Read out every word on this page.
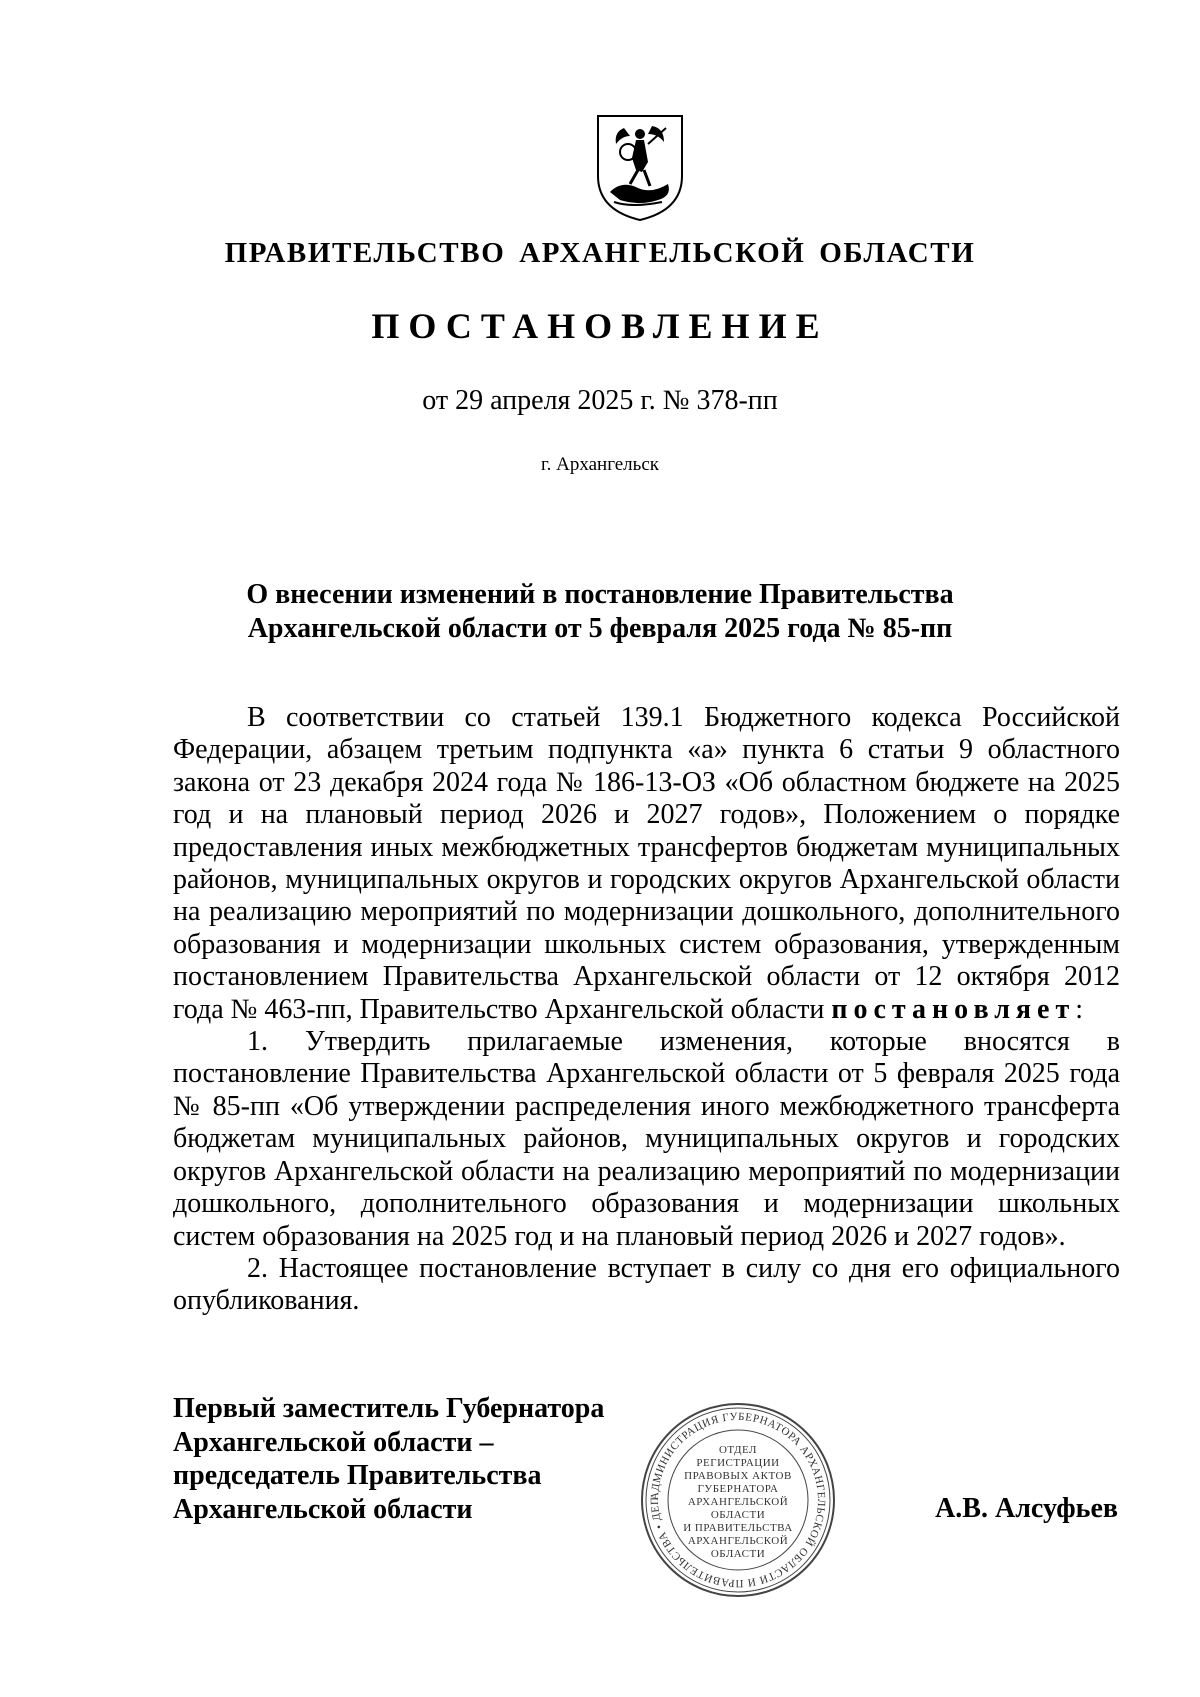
ПРАВИТЕЛЬСТВО АРХАНГЕЛЬСКОЙ ОБЛАСТИ
ПОСТАНОВЛЕНИЕ
от 29 апреля 2025 г. № 378-пп
г. Архангельск
О внесении изменений в постановление Правительства
Архангельской области от 5 февраля 2025 года № 85-пп

В соответствии со статьей 139.1 Бюджетного кодекса Российской Федерации, абзацем третьим подпункта «а» пункта 6 статьи 9 областного закона от 23 декабря 2024 года № 186-13-ОЗ «Об областном бюджете на 2025 год и на плановый период 2026 и 2027 годов», Положением о порядке предоставления иных межбюджетных трансфертов бюджетам муниципальных районов, муниципальных округов и городских округов Архангельской области на реализацию мероприятий по модернизации дошкольного, дополнительного образования и модернизации школьных систем образования, утвержденным постановлением Правительства Архангельской области от 12 октября 2012 года № 463-пп, Правительство Архангельской области постановляет:

1. Утвердить прилагаемые изменения, которые вносятся в постановление Правительства Архангельской области от 5 февраля 2025 года № 85-пп «Об утверждении распределения иного межбюджетного трансферта бюджетам муниципальных районов, муниципальных округов и городских округов Архангельской области на реализацию мероприятий по модернизации дошкольного, дополнительного образования и модернизации школьных систем образования на 2025 год и на плановый период 2026 и 2027 годов».

2. Настоящее постановление вступает в силу со дня его официального опубликования.

Первый заместитель Губернатора
Архангельской области –
председатель Правительства
Архангельской области	АДМИНИСТРАЦИЯ ГУБЕРНАТОРА АРХАНГЕЛЬСКОЙ ОБЛАСТИ И ПРАВИТЕЛЬСТВА • ДЕП
ОТДЕЛ
РЕГИСТРАЦИИ
ПРАВОВЫХ АКТОВ
ГУБЕРНАТОРА
АРХАНГЕЛЬСКОЙ
ОБЛАСТИ
И ПРАВИТЕЛЬСТВА
АРХАНГЕЛЬСКОЙ
ОБЛАСТИ
А.В. Алсуфьев
